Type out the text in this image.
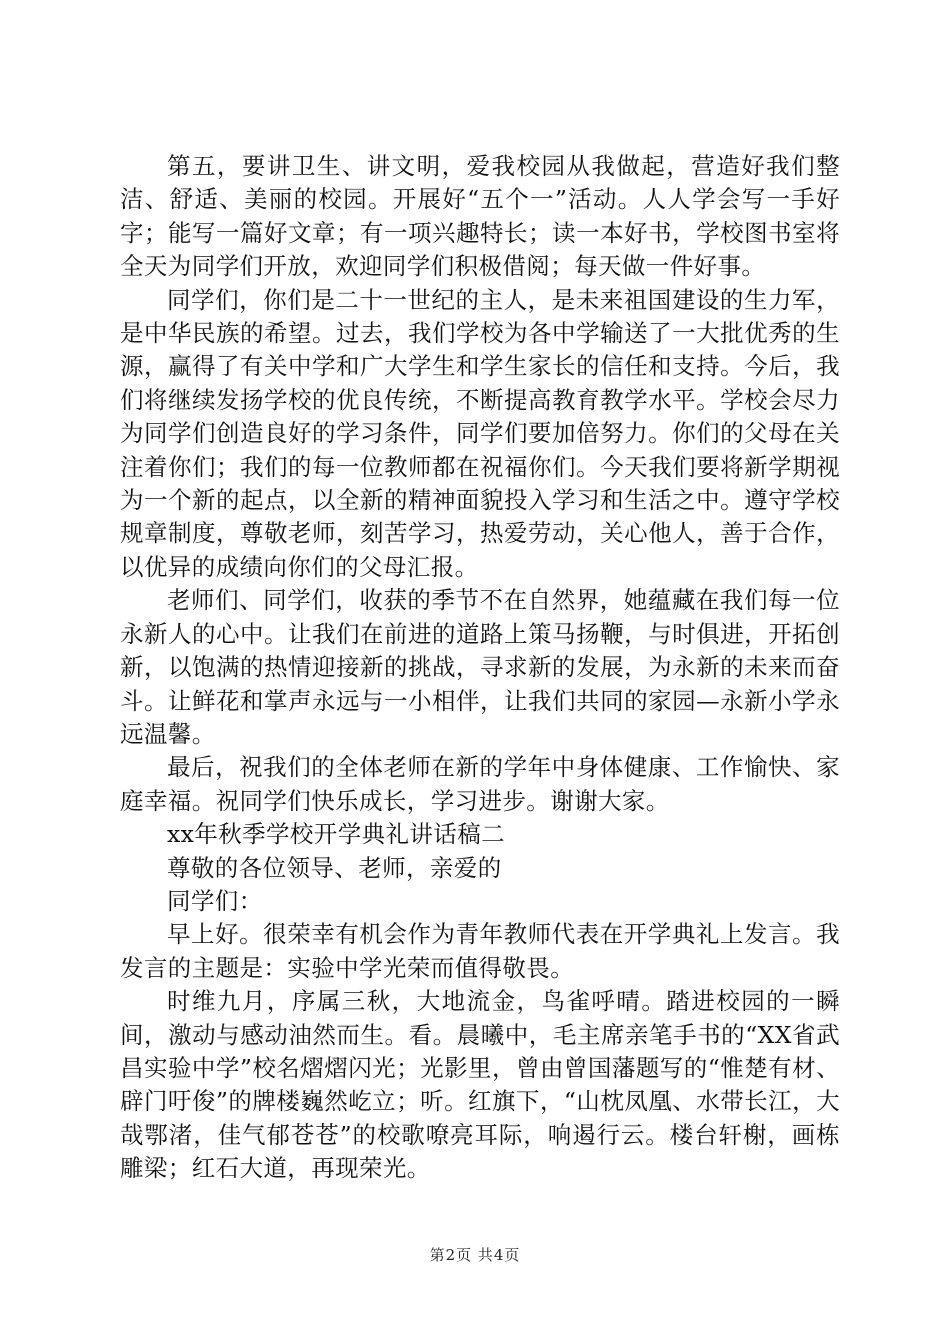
第五，要讲卫生、讲文明，爱我校园从我做起，营造好我们整洁、舒适、美丽的校园。开展好“五个一”活动。人人学会写一手好字；能写一篇好文章；有一项兴趣特长；读一本好书，学校图书室将全天为同学们开放，欢迎同学们积极借阅；每天做一件好事。

同学们，你们是二十一世纪的主人，是未来祖国建设的生力军，是中华民族的希望。过去，我们学校为各中学输送了一大批优秀的生源，赢得了有关中学和广大学生和学生家长的信任和支持。今后，我们将继续发扬学校的优良传统，不断提高教育教学水平。学校会尽力为同学们创造良好的学习条件，同学们要加倍努力。你们的父母在关注着你们；我们的每一位教师都在祝福你们。今天我们要将新学期视为一个新的起点，以全新的精神面貌投入学习和生活之中。遵守学校规章制度，尊敬老师，刻苦学习，热爱劳动，关心他人，善于合作，以优异的成绩向你们的父母汇报。

老师们、同学们，收获的季节不在自然界，她蕴藏在我们每一位永新人的心中。让我们在前进的道路上策马扬鞭，与时俱进，开拓创新，以饱满的热情迎接新的挑战，寻求新的发展，为永新的未来而奋斗。让鲜花和掌声永远与一小相伴，让我们共同的家园—永新小学永远温馨。

最后，祝我们的全体老师在新的学年中身体健康、工作愉快、家庭幸福。祝同学们快乐成长，学习进步。谢谢大家。

xx年秋季学校开学典礼讲话稿二

尊敬的各位领导、老师，亲爱的

同学们：

早上好。很荣幸有机会作为青年教师代表在开学典礼上发言。我发言的主题是：实验中学光荣而值得敬畏。

时维九月，序属三秋，大地流金，鸟雀呼晴。踏进校园的一瞬间，激动与感动油然而生。看。晨曦中，毛主席亲笔手书的“XX省武昌实验中学”校名熠熠闪光；光影里，曾由曾国藩题写的“惟楚有材、辟门吁俊”的牌楼巍然屹立；听。红旗下，“山枕凤凰、水带长江，大哉鄂渚，佳气郁苍苍”的校歌嘹亮耳际，响遏行云。楼台轩榭，画栋雕梁；红石大道，再现荣光。

第2页 共4页
